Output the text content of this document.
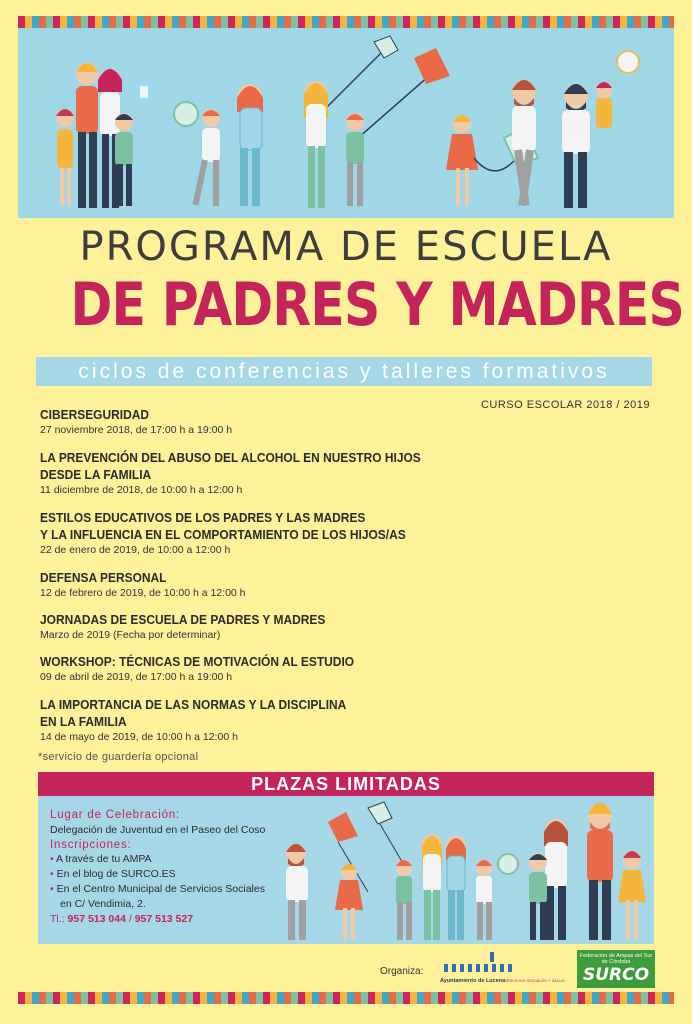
PROGRAMA DE ESCUELA
DE PADRES Y MADRES
ciclos de conferencias y talleres formativos
CURSO ESCOLAR 2018 / 2019
CIBERSEGURIDAD
27 noviembre 2018, de 17:00 h a 19:00 h
LA PREVENCIÓN DEL ABUSO DEL ALCOHOL EN NUESTRO HIJOS
DESDE LA FAMILIA
11 diciembre de 2018, de 10:00 h a 12:00 h
ESTILOS EDUCATIVOS DE LOS PADRES Y LAS MADRES
Y LA INFLUENCIA EN EL COMPORTAMIENTO DE LOS HIJOS/AS
22 de enero de 2019, de 10:00 a 12:00 h
DEFENSA PERSONAL
12 de febrero de 2019, de 10:00 h a 12:00 h
JORNADAS DE ESCUELA DE PADRES Y MADRES
Marzo de 2019 (Fecha por determinar)
WORKSHOP: TÉCNICAS DE MOTIVACIÓN AL ESTUDIO
09 de abril de 2019, de 17:00 h a 19:00 h
LA IMPORTANCIA DE LAS NORMAS Y LA DISCIPLINA
EN LA FAMILIA
14 de mayo de 2019, de 10:00 h a 12:00 h
*servicio de guardería opcional
PLAZAS LIMITADAS
Lugar de Celebración:
Delegación de Juventud en el Paseo del Coso
Inscripciones:
• A través de tu AMPA
• En el blog de SURCO.ES
• En el Centro Municipal de Servicios Sociales
en C/ Vendimia, 2.
Tl.: 957 513 044 / 957 513 527
Organiza:
Ayuntamiento de Lucena
SERVICIOS SOCIALES Y SALUD
Federación de Ampas del Sur de Córdoba
SURCO
